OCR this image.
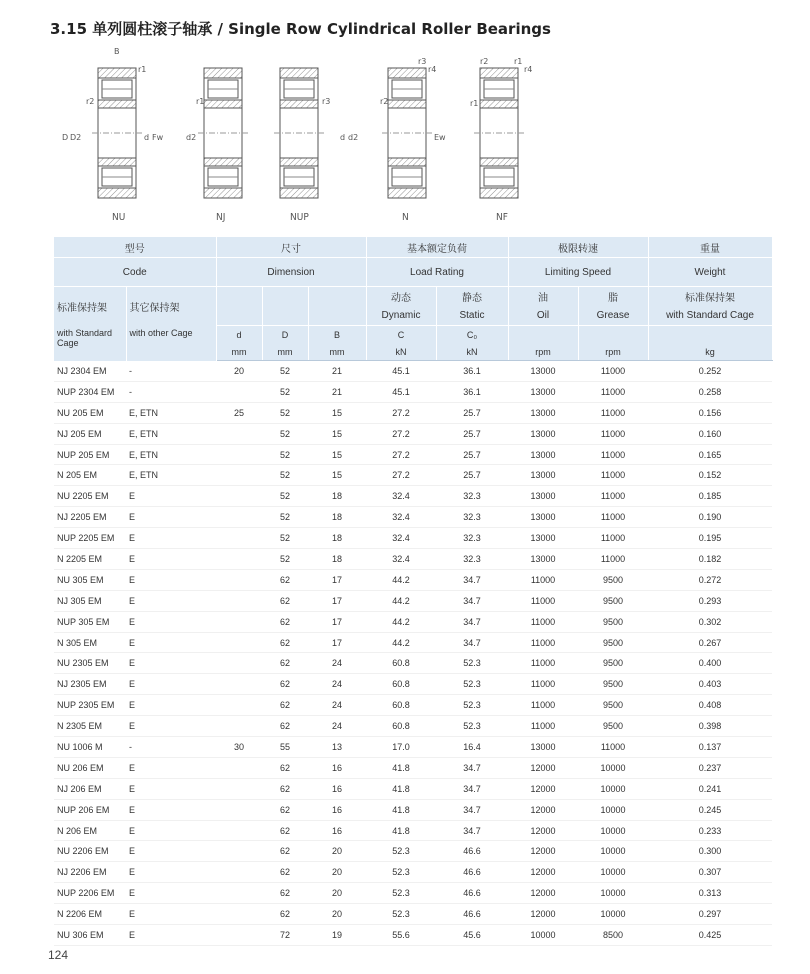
3.15 单列圆柱滚子轴承 / Single Row Cylindrical Roller Bearings
B
r1
r2
D D2	d Fw	d2
r1	r3
d d2
r3
r4
Ew
r2
r2	r1
r4
r1
NU	NJ	NUP	N	NF
型号		尺寸			基本额定负荷		极限转速		重量
Code		Dimension			Load Rating		Limiting Speed		Weight
标准保持架	其它保持架				动态	静态	油	脂	标准保持架
					Dynamic	Static	Oil	Grease	with Standard Cage
with Standard Cage	with other Cage	d	D	B	C	C₀			
		mm	mm	mm	kN	kN	rpm	rpm	kg
NJ 2304 EM	-	20	52	21	45.1	36.1	13000	11000	0.252
NUP 2304 EM	-		52	21	45.1	36.1	13000	11000	0.258
NU 205 EM	E, ETN	25	52	15	27.2	25.7	13000	11000	0.156
NJ 205 EM	E, ETN		52	15	27.2	25.7	13000	11000	0.160
NUP 205 EM	E, ETN		52	15	27.2	25.7	13000	11000	0.165
N 205 EM	E, ETN		52	15	27.2	25.7	13000	11000	0.152
NU 2205 EM	E		52	18	32.4	32.3	13000	11000	0.185
NJ 2205 EM	E		52	18	32.4	32.3	13000	11000	0.190
NUP 2205 EM	E		52	18	32.4	32.3	13000	11000	0.195
N 2205 EM	E		52	18	32.4	32.3	13000	11000	0.182
NU 305 EM	E		62	17	44.2	34.7	11000	9500	0.272
NJ 305 EM	E		62	17	44.2	34.7	11000	9500	0.293
NUP 305 EM	E		62	17	44.2	34.7	11000	9500	0.302
N 305 EM	E		62	17	44.2	34.7	11000	9500	0.267
NU 2305 EM	E		62	24	60.8	52.3	11000	9500	0.400
NJ 2305 EM	E		62	24	60.8	52.3	11000	9500	0.403
NUP 2305 EM	E		62	24	60.8	52.3	11000	9500	0.408
N 2305 EM	E		62	24	60.8	52.3	11000	9500	0.398
NU 1006 M	-	30	55	13	17.0	16.4	13000	11000	0.137
NU 206 EM	E		62	16	41.8	34.7	12000	10000	0.237
NJ 206 EM	E		62	16	41.8	34.7	12000	10000	0.241
NUP 206 EM	E		62	16	41.8	34.7	12000	10000	0.245
N 206 EM	E		62	16	41.8	34.7	12000	10000	0.233
NU 2206 EM	E		62	20	52.3	46.6	12000	10000	0.300
NJ 2206 EM	E		62	20	52.3	46.6	12000	10000	0.307
NUP 2206 EM	E		62	20	52.3	46.6	12000	10000	0.313
N 2206 EM	E		62	20	52.3	46.6	12000	10000	0.297
NU 306 EM	E		72	19	55.6	45.6	10000	8500	0.425
124
